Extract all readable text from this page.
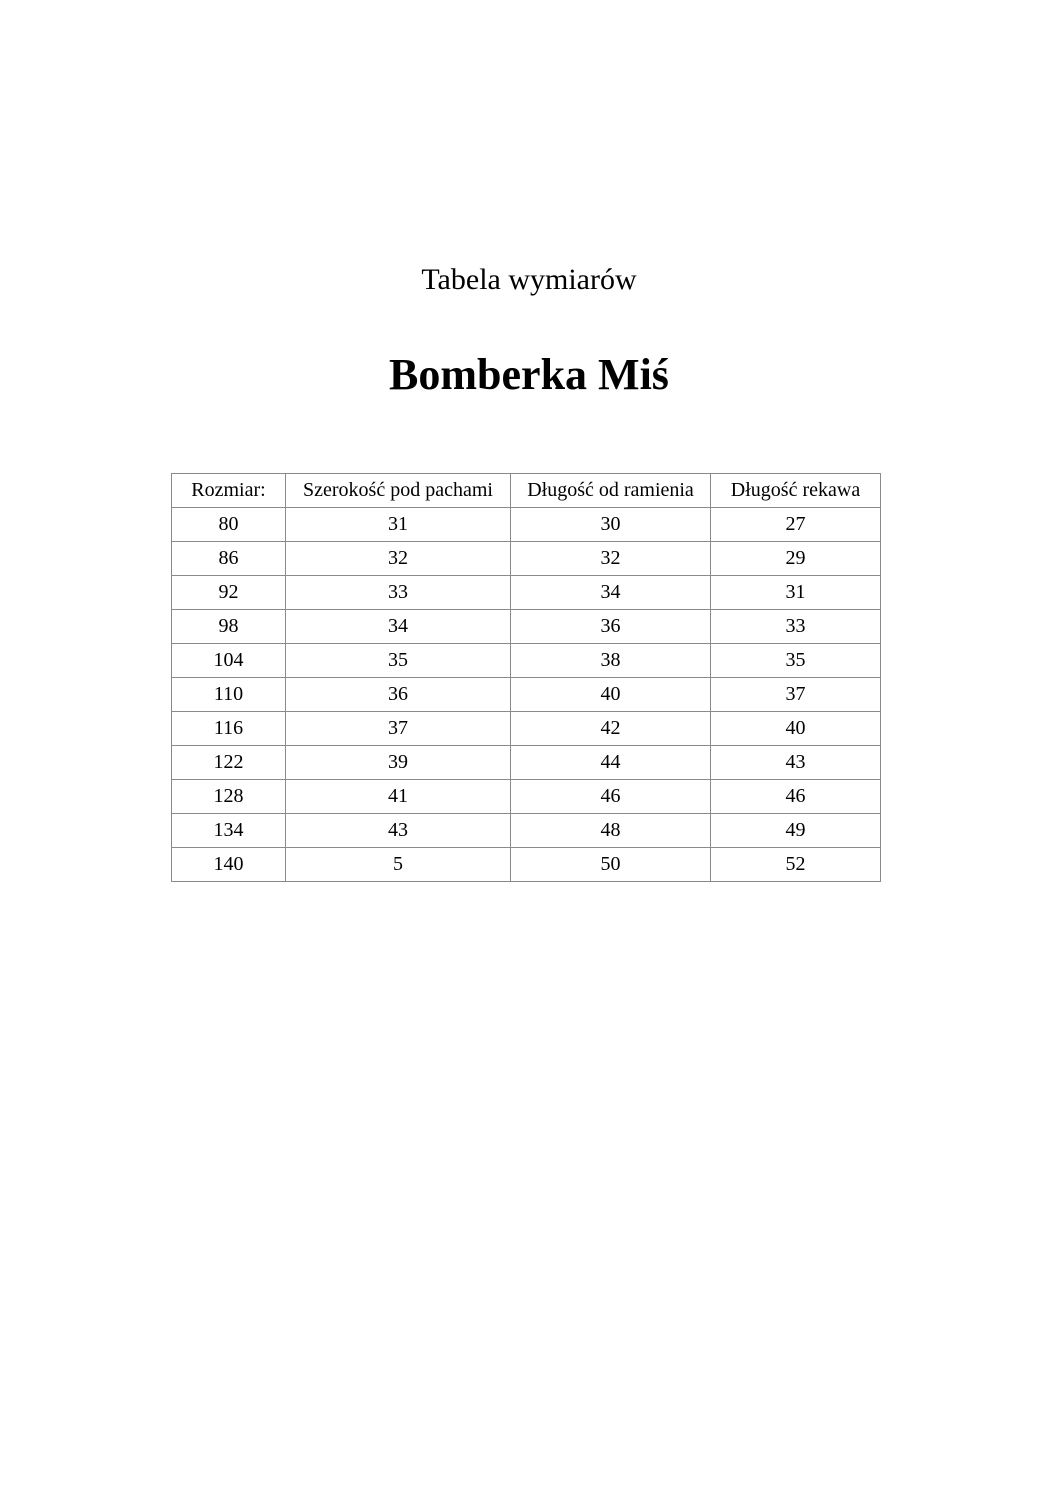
Tabela wymiarów
Bomberka Miś
Rozmiar:	Szerokość pod pachami	Długość od ramienia	Długość rekawa
80	31	30	27
86	32	32	29
92	33	34	31
98	34	36	33
104	35	38	35
110	36	40	37
116	37	42	40
122	39	44	43
128	41	46	46
134	43	48	49
140	5	50	52
